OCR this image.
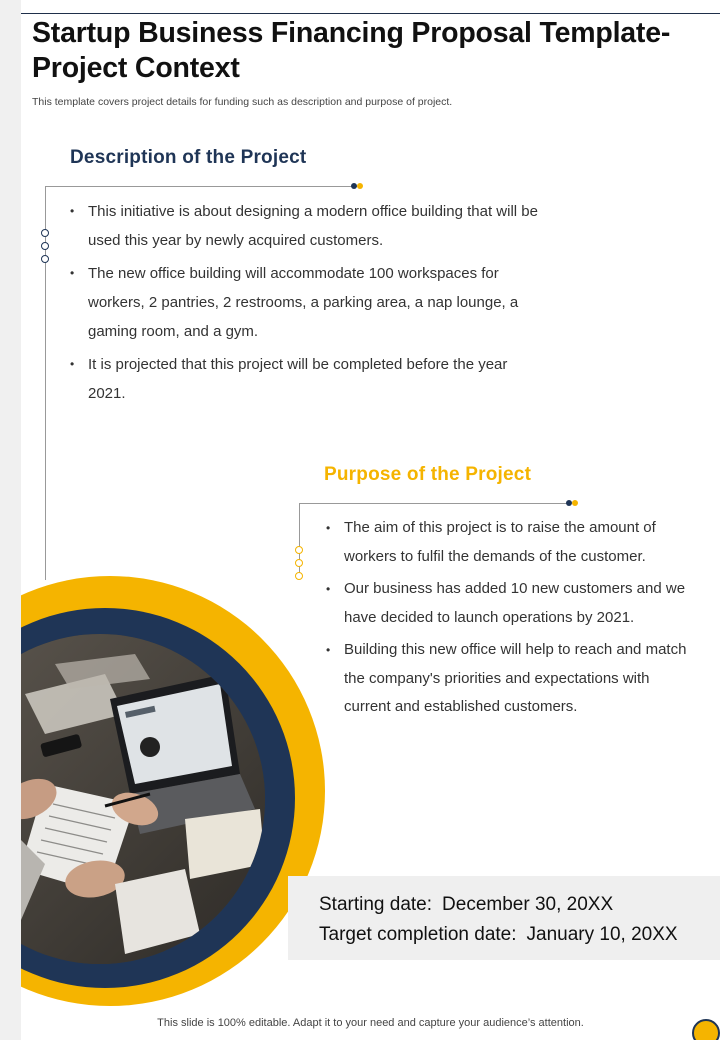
Startup Business Financing Proposal Template- Project Context

This template covers project details for funding such as description and purpose of project.

Description of the Project
• This initiative is about designing a modern office building that will be used this year by newly acquired customers.
• The new office building will accommodate 100 workspaces for workers, 2 pantries, 2 restrooms, a parking area, a nap lounge, a gaming room, and a gym.
• It is projected that this project will be completed before the year 2021.
Purpose of the Project
• The aim of this project is to raise the amount of workers to fulfil the demands of the customer.
• Our business has added 10 new customers and we have decided to launch operations by 2021.
• Building this new office will help to reach and match the company's priorities and expectations with current and established customers.
Starting date: December 30, 20XX
Target completion date: January 10, 20XX
This slide is 100% editable. Adapt it to your need and capture your audience’s attention.
